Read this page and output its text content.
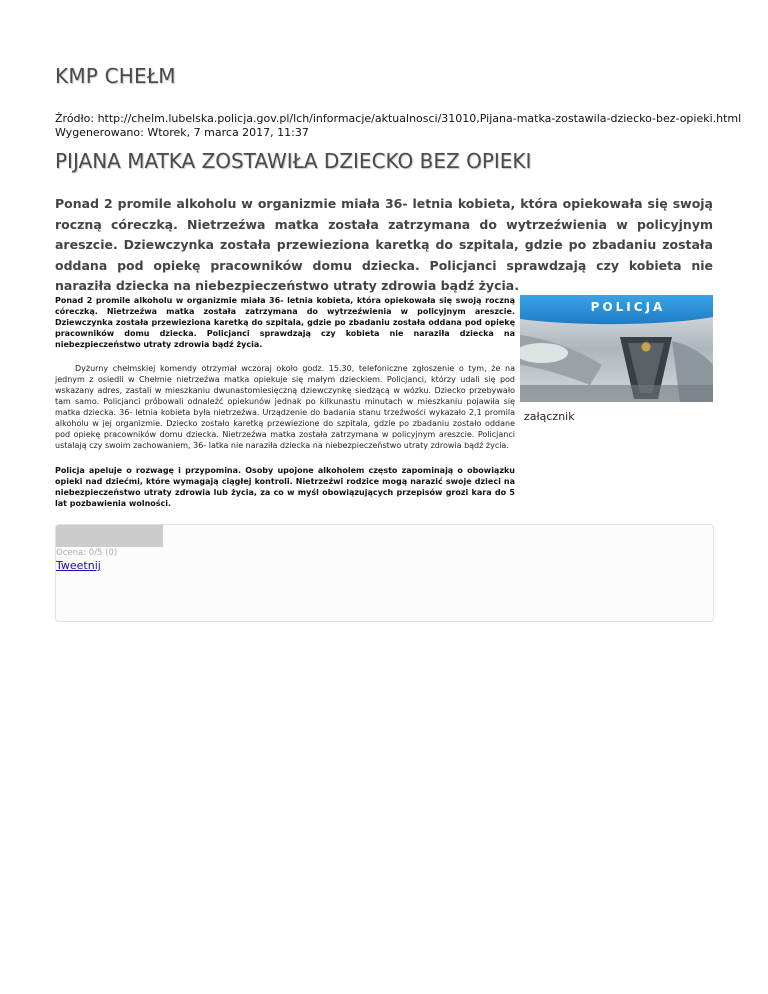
KMP CHEŁM
Źródło: http://chelm.lubelska.policja.gov.pl/lch/informacje/aktualnosci/31010,Pijana-matka-zostawila-dziecko-bez-opieki.html
Wygenerowano: Wtorek, 7 marca 2017, 11:37
PIJANA MATKA ZOSTAWIŁA DZIECKO BEZ OPIEKI

Ponad 2 promile alkoholu w organizmie miała 36- letnia kobieta, która opiekowała się swoją roczną córeczką. Nietrzeźwa matka została zatrzymana do wytrzeźwienia w policyjnym areszcie. Dziewczynka została przewieziona karetką do szpitala, gdzie po zbadaniu została oddana pod opiekę pracowników domu dziecka. Policjanci sprawdzają czy kobieta nie naraziła dziecka na niebezpieczeństwo utraty zdrowia bądź życia.

Ponad 2 promile alkoholu w organizmie miała 36- letnia kobieta, która opiekowała się swoją roczną córeczką. Nietrzeźwa matka została zatrzymana do wytrzeźwienia w policyjnym areszcie. Dziewczynka została przewieziona karetką do szpitala, gdzie po zbadaniu została oddana pod opiekę pracowników domu dziecka. Policjanci sprawdzają czy kobieta nie naraziła dziecka na niebezpieczeństwo utraty zdrowia bądź życia.

Dyżurny chełmskiej komendy otrzymał wczoraj około godz. 15.30, telefoniczne zgłoszenie o tym, że na jednym z osiedli w Chełmie nietrzeźwa matka opiekuje się małym dzieckiem. Policjanci, którzy udali się pod wskazany adres, zastali w mieszkaniu dwunastomiesięczną dziewczynkę siedzącą w wózku. Dziecko przebywało tam samo. Policjanci próbowali odnaleźć opiekunów jednak po kilkunastu minutach w mieszkaniu pojawiła się matka dziecka. 36- letnia kobieta była nietrzeźwa. Urządzenie do badania stanu trzeźwości wykazało 2,1 promila alkoholu w jej organizmie. Dziecko zostało karetką przewiezione do szpitala, gdzie po zbadaniu zostało oddane pod opiekę pracowników domu dziecka. Nietrzeźwa matka została zatrzymana w policyjnym areszcie. Policjanci ustalają czy swoim zachowaniem, 36- latka nie naraziła dziecka na niebezpieczeństwo utraty zdrowia bądź życia.

Policja apeluje o rozwagę i przypomina. Osoby upojone alkoholem często zapominają o obowiązku opieki nad dziećmi, które wymagają ciągłej kontroli. Nietrzeźwi rodzice mogą narazić swoje dzieci na niebezpieczeństwo utraty zdrowia lub życia, za co w myśl obowiązujących przepisów grozi kara do 5 lat pozbawienia wolności.

POLICJA
załącznik
Ocena: 0/5 (0)
Tweetnij
